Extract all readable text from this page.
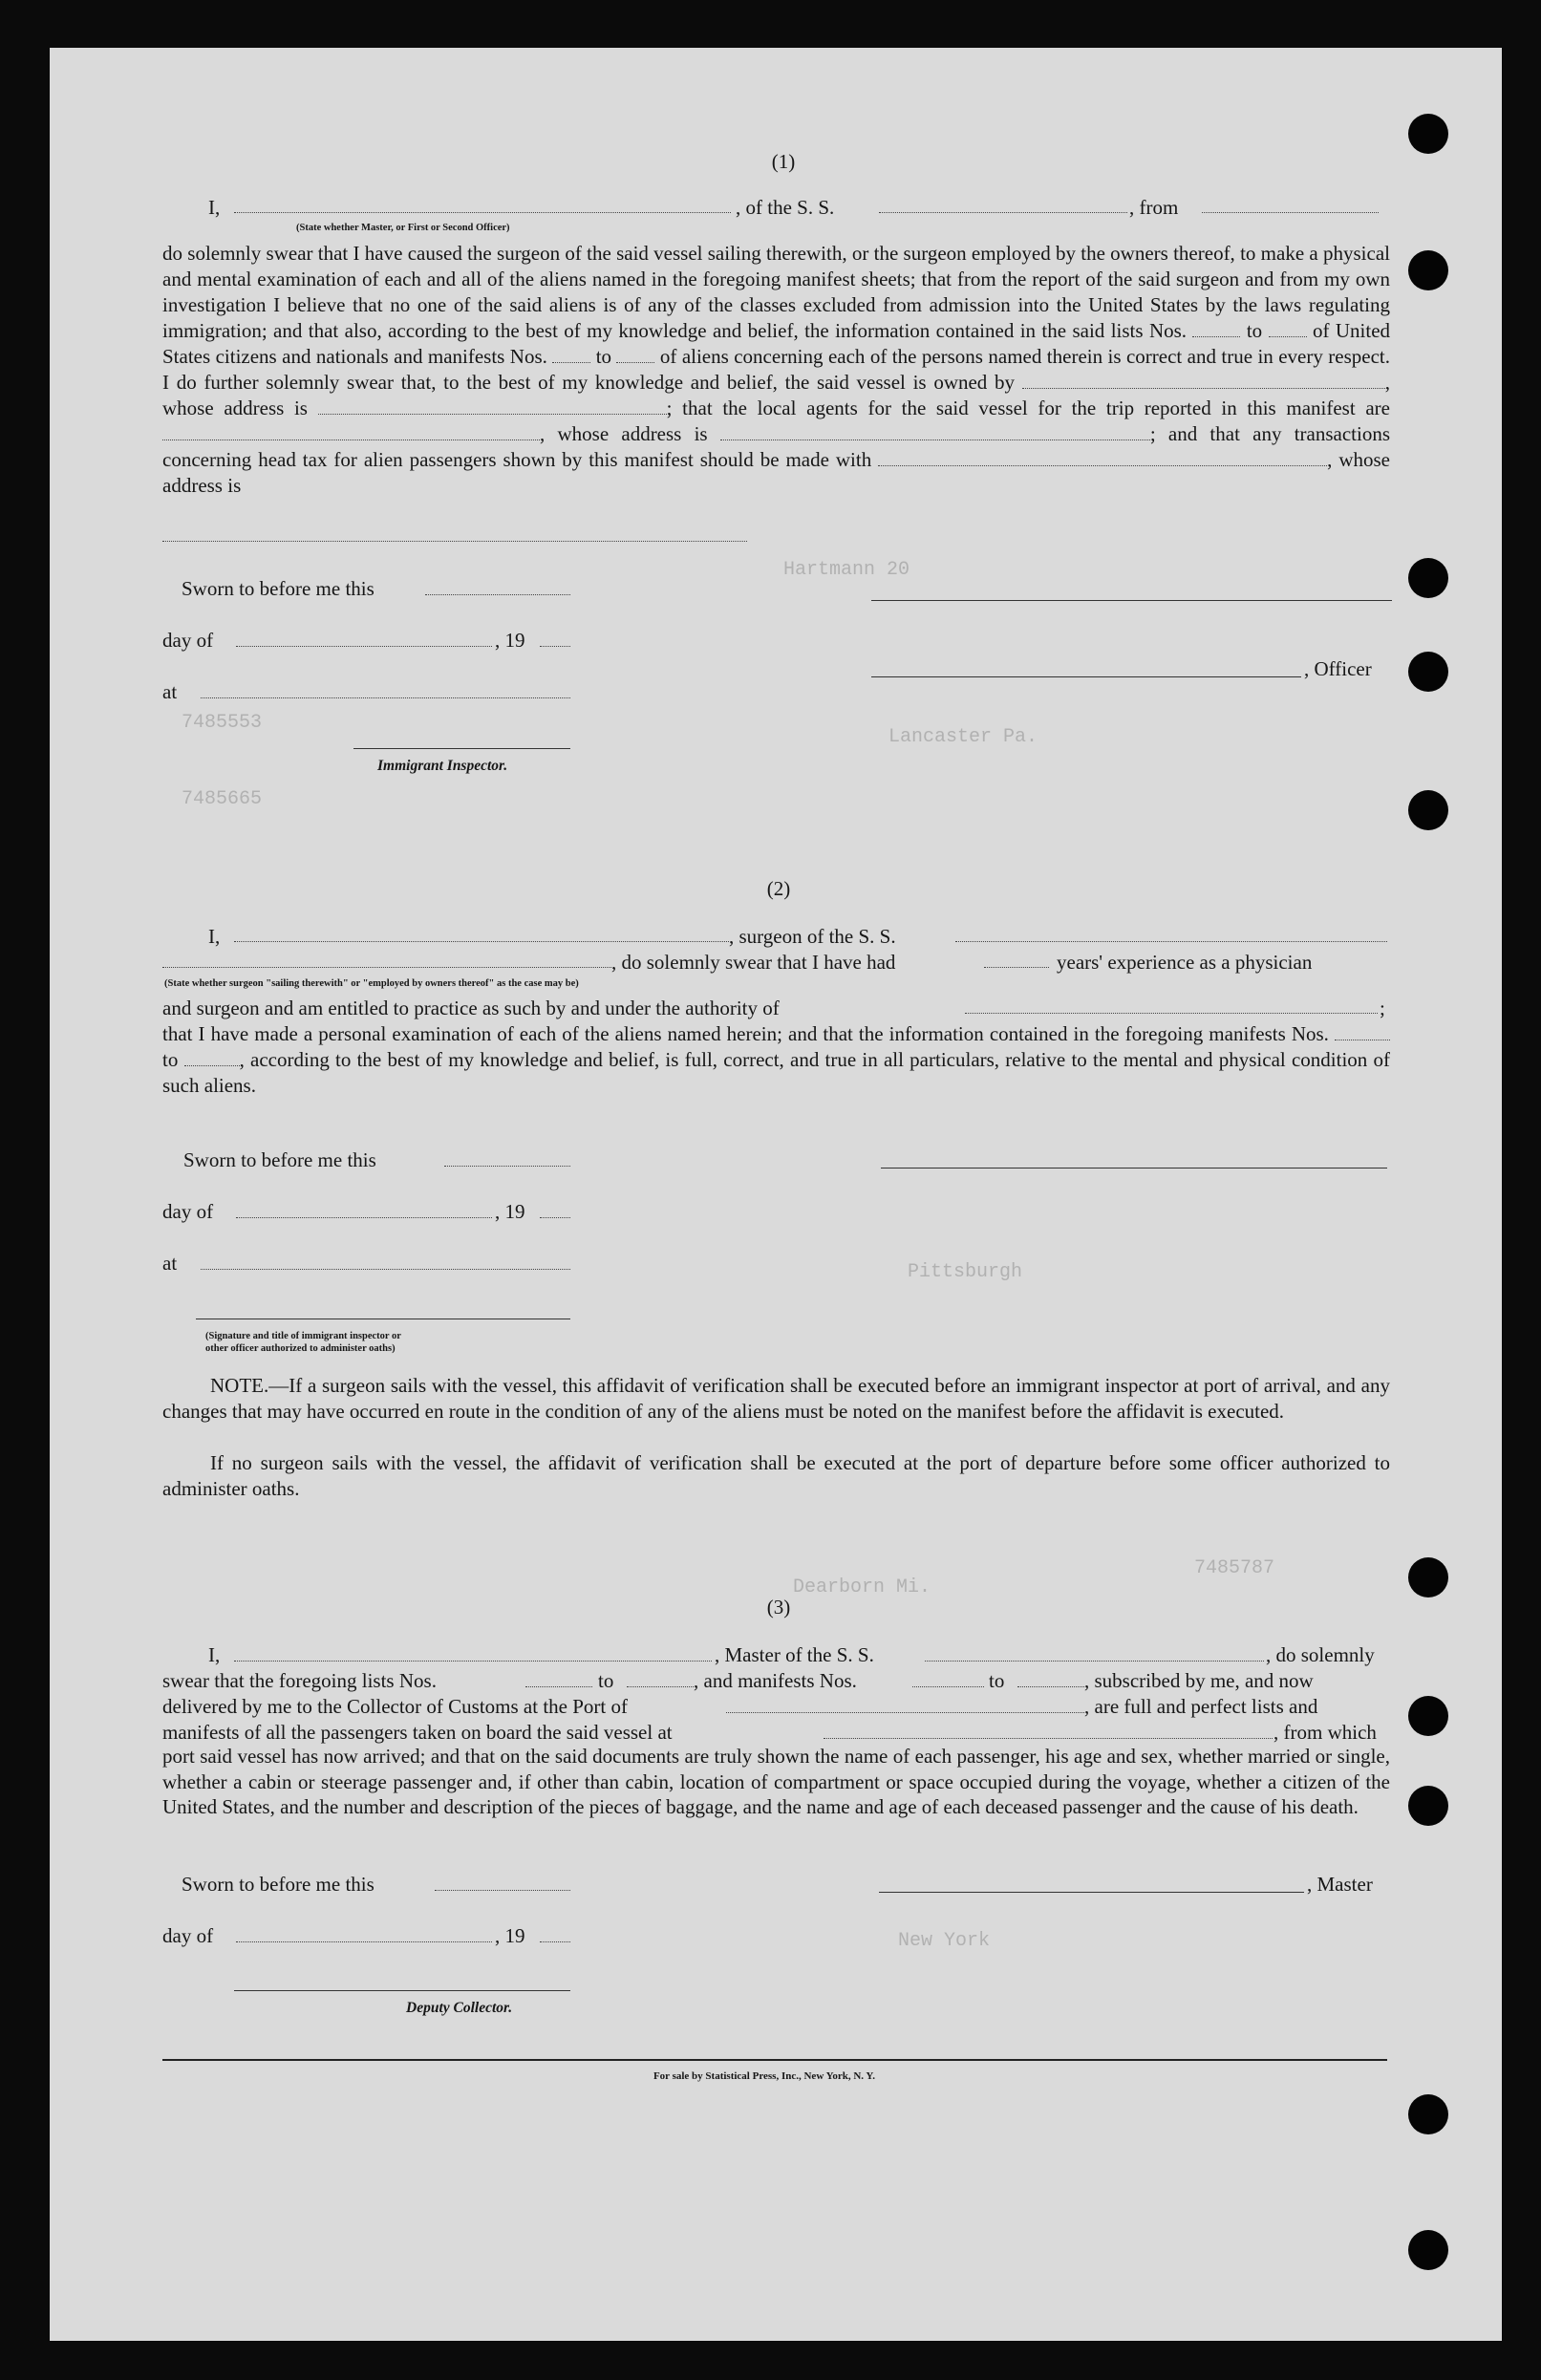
Hartmann 20
7485553
7485665
Lancaster Pa.
Pittsburgh
Dearborn Mi.
7485787
New York
(1)
I,
(State whether Master, or First or Second Officer)
, of the S. S.	, from
do solemnly swear that I have caused the surgeon of the said vessel sailing therewith, or the surgeon employed by the owners thereof, to make a physical and mental examination of each and all of the aliens named in the foregoing manifest sheets; that from the report of the said surgeon and from my own investigation I believe that no one of the said aliens is of any of the classes excluded from admission into the United States by the laws regulating immigration; and that also, according to the best of my knowledge and belief, the information contained in the said lists Nos.	to	of United States citizens and nationals and manifests Nos. to of aliens concerning each of the persons named therein is correct and true in every respect. I do further solemnly swear that, to the best of my knowledge and belief, the said vessel is owned by	, whose address is	; that the local agents for the said vessel for the trip reported in this manifest are , whose address is	; and that any transactions concerning head tax for alien passengers shown by this manifest should be made with	, whose address is
Sworn to before me this
day of	, 19
, Officer
at
Immigrant Inspector.
(2)
I,	, surgeon of the S. S.
(State whether surgeon "sailing therewith" or "employed by owners thereof" as the case may be)
, do solemnly swear that I have had	years' experience as a physician
and surgeon and am entitled to practice as such by and under the authority of	;
that I have made a personal examination of each of the aliens named herein; and that the information contained in the foregoing manifests Nos.  to	, according to the best of my knowledge and belief, is full, correct, and true in all particulars, relative to the mental and physical condition of such aliens.
Sworn to before me this
day of	, 19
at
(Signature and title of immigrant inspector or
other officer authorized to administer oaths)
NOTE.—If a surgeon sails with the vessel, this affidavit of verification shall be executed before an immigrant inspector at port of arrival, and any changes that may have occurred en route in the condition of any of the aliens must be noted on the manifest before the affidavit is executed.
If no surgeon sails with the vessel, the affidavit of verification shall be executed at the port of departure before some officer authorized to administer oaths.
(3)
I,	, Master of the S. S.	, do solemnly
swear that the foregoing lists Nos.	to	, and manifests Nos.	to	, subscribed by me, and now
delivered by me to the Collector of Customs at the Port of	, are full and perfect lists and
manifests of all the passengers taken on board the said vessel at	, from which
port said vessel has now arrived; and that on the said documents are truly shown the name of each passenger, his age and sex, whether married or single, whether a cabin or steerage passenger and, if other than cabin, location of compartment or space occupied during the voyage, whether a citizen of the United States, and the number and description of the pieces of baggage, and the name and age of each deceased passenger and the cause of his death.
Sworn to before me this	, Master
day of	, 19
Deputy Collector.
For sale by Statistical Press, Inc., New York, N. Y.
